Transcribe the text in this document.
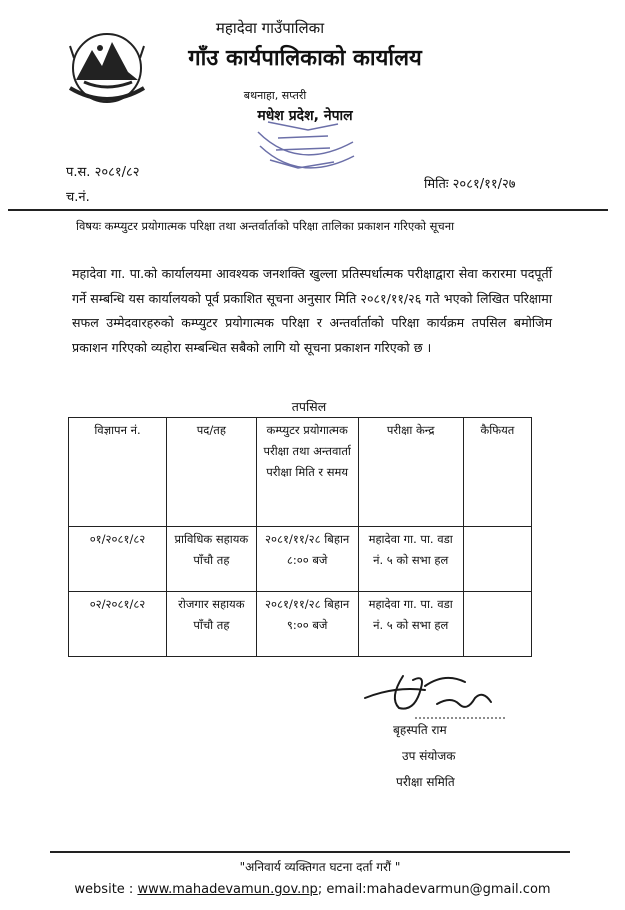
महादेवा गाउँपालिका
गाँउ कार्यपालिकाको कार्यालय
बथनाहा, सप्तरी
मधेश प्रदेश, नेपाल
प.स. २०८१/८२
च.नं.
मितिः २०८१/११/२७
विषयः कम्प्युटर प्रयोगात्मक परिक्षा तथा अन्तर्वार्ताको परिक्षा तालिका प्रकाशन गरिएको सूचना
महादेवा गा. पा.को कार्यालयमा आवश्यक जनशक्ति खुल्ला प्रतिस्पर्धात्मक परीक्षाद्वारा सेवा करारमा पदपूर्ती गर्ने सम्बन्धि यस कार्यालयको पूर्व प्रकाशित सूचना अनुसार मिति २०८१/११/२६ गते भएको लिखित परिक्षामा सफल उम्मेदवारहरुको कम्प्युटर प्रयोगात्मक परिक्षा र अन्तर्वार्ताको परिक्षा कार्यक्रम तपसिल बमोजिम प्रकाशन गरिएको व्यहोरा सम्बन्धित सबैको लागि यो सूचना प्रकाशन गरिएको छ ।
तपसिल
विज्ञापन नं.	पद/तह	कम्प्युटर प्रयोगात्मक परीक्षा तथा अन्तवार्ता परीक्षा मिति र समय	परीक्षा केन्द्र	कैफियत
०१/२०८१/८२	प्राविधिक सहायक पाँचौ तह	२०८१/११/२८ बिहान ८:०० बजे	महादेवा गा. पा. वडा नं. ५ को सभा हल	
०२/२०८१/८२	रोजगार सहायक पाँचौ तह	२०८१/११/२८ बिहान ९:०० बजे	महादेवा गा. पा. वडा नं. ५ को सभा हल	
बृहस्पति राम
उप संयोजक
परीक्षा समिति
"अनिवार्य व्यक्तिगत घटना दर्ता गरौं "
website : www.mahadevamun.gov.np; email:mahadevarmun@gmail.com
